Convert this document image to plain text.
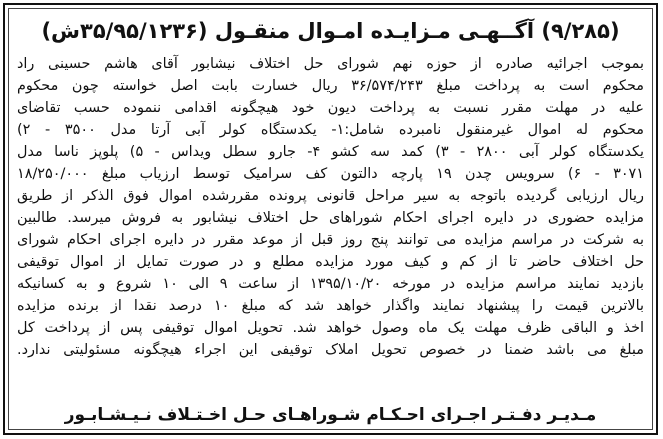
(۹/۲۸۵) آگــهـی مـزایـده امـوال منقـول (۳۵/۹۵/۱۲۳۶ش)
بموجب اجرائیه صادره از حوزه نهم شورای حل اختلاف نیشابور آقای هاشم حسینی راد
محکوم است به پرداخت مبلغ ۳۶/۵۷۴/۲۴۳ ریال خسارت بابت اصل خواسته چون محکوم
علیه در مهلت مقرر نسبت به پرداخت دیون خود هیچگونه اقدامی ننموده حسب تقاضای
محکوم له اموال غیرمنقول نامبرده شامل:۱- یکدستگاه کولر آبی آرتا مدل ۳۵۰۰ - ۲)
یکدستگاه کولر آبی ۲۸۰۰ - ۳) کمد سه کشو ۴- جارو سطل ویداس - ۵) پلوپز ناسا مدل
۳۰۷۱ - ۶) سرویس چدن ۱۹ پارچه دالتون کف سرامیک توسط ارزیاب مبلغ ۱۸/۲۵۰/۰۰۰
ریال ارزیابی گردیده باتوجه به سیر مراحل قانونی پرونده مقررشده اموال فوق الذکر از طریق
مزایده حضوری در دایره اجرای احکام شوراهای حل اختلاف نیشابور به فروش میرسد. طالبین
به شرکت در مراسم مزایده می توانند پنج روز قبل از موعد مقرر در دایره اجرای احکام شورای
حل اختلاف حاضر تا از کم و کیف مورد مزایده مطلع و در صورت تمایل از اموال توقیفی
بازدید نمایند مراسم مزایده در مورخه ۱۳۹۵/۱۰/۲۰ از ساعت ۹ الی ۱۰ شروع و به کسانیکه
بالاترین قیمت را پیشنهاد نمایند واگذار خواهد شد که مبلغ ۱۰ درصد نقدا از برنده مزایده
اخذ و الباقی ظرف مهلت یک ماه وصول خواهد شد. تحویل اموال توقیفی پس از پرداخت کل
مبلغ می باشد ضمنا در خصوص تحویل املاک توقیفی این اجراء هیچگونه مسئولیتی ندارد.
مـدیـر دفـتـر اجـرای احـکـام شـوراهـای حـل اخـتـلاف نـیـشـابـور
